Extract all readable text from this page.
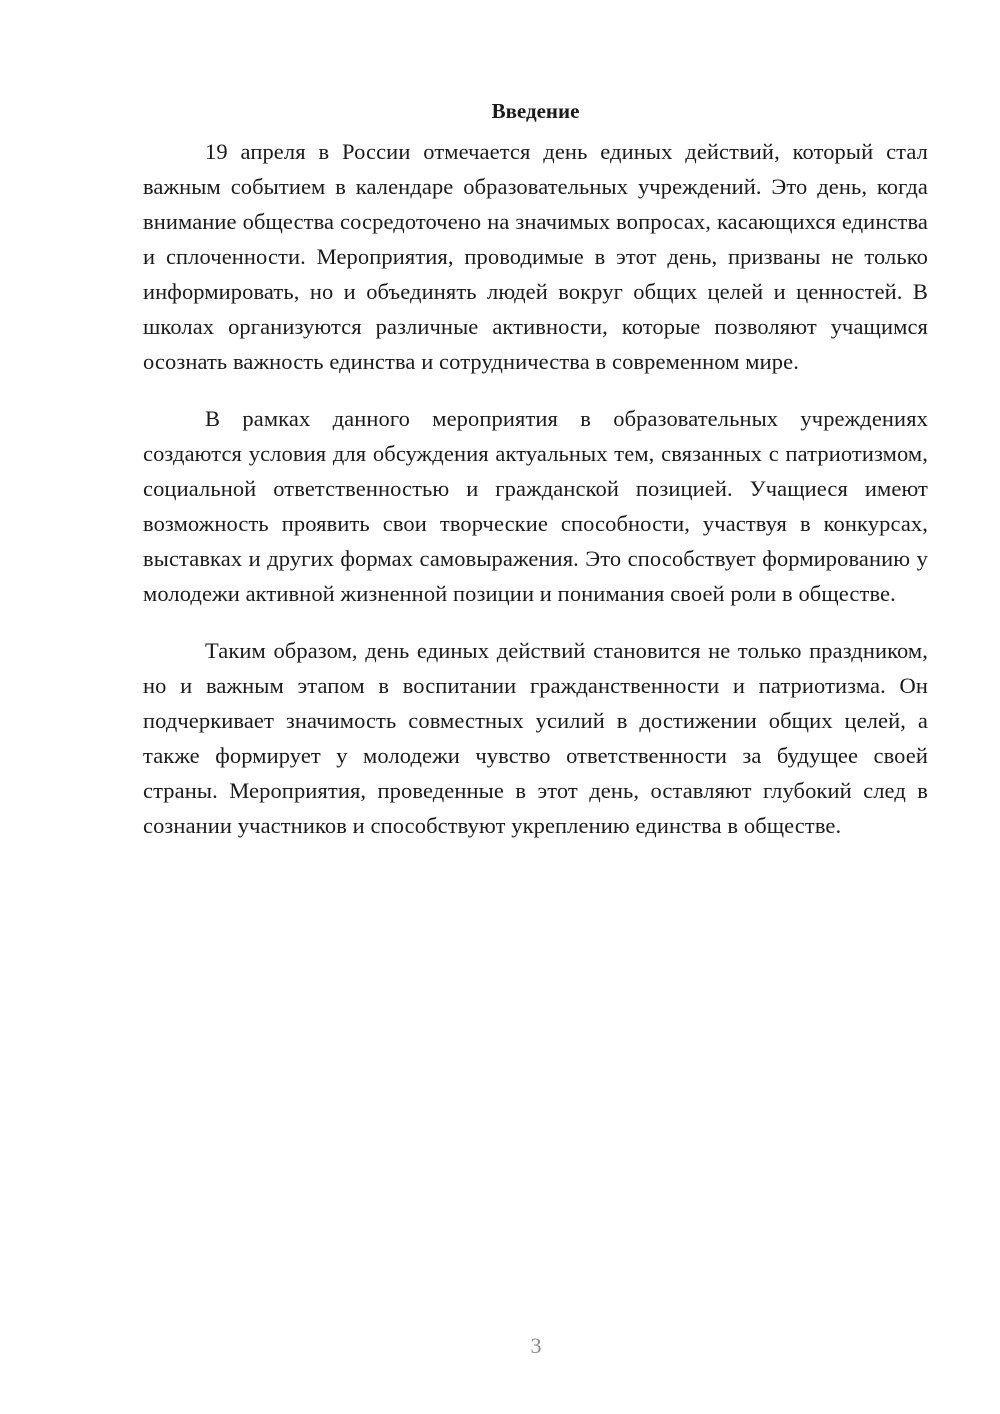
Введение

19 апреля в России отмечается день единых действий, который стал важным событием в календаре образовательных учреждений. Это день, когда внимание общества сосредоточено на значимых вопросах, касающихся единства и сплоченности. Мероприятия, проводимые в этот день, призваны не только информировать, но и объединять людей вокруг общих целей и ценностей. В школах организуются различные активности, которые позволяют учащимся осознать важность единства и сотрудничества в современном мире.

В рамках данного мероприятия в образовательных учреждениях создаются условия для обсуждения актуальных тем, связанных с патриотизмом, социальной ответственностью и гражданской позицией. Учащиеся имеют возможность проявить свои творческие способности, участвуя в конкурсах, выставках и других формах самовыражения. Это способствует формированию у молодежи активной жизненной позиции и понимания своей роли в обществе.

Таким образом, день единых действий становится не только праздником, но и важным этапом в воспитании гражданственности и патриотизма. Он подчеркивает значимость совместных усилий в достижении общих целей, а также формирует у молодежи чувство ответственности за будущее своей страны. Мероприятия, проведенные в этот день, оставляют глубокий след в сознании участников и способствуют укреплению единства в обществе.

3
